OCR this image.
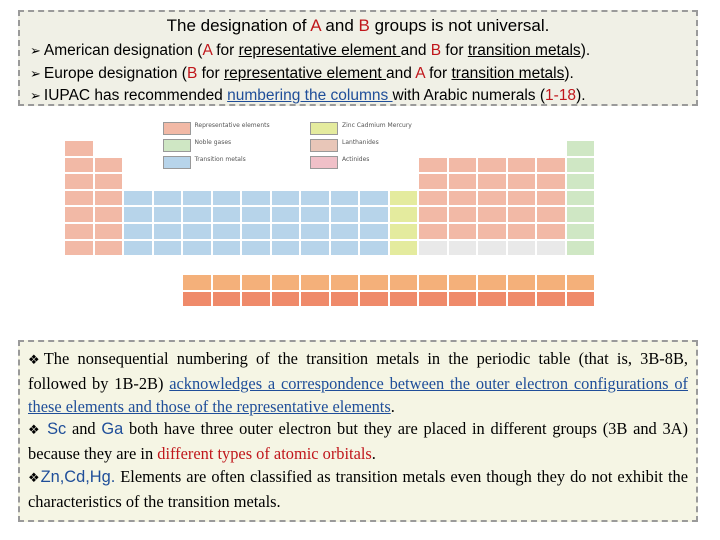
The designation of A and B groups is not universal.
➢ American designation (A for representative element and B for transition metals).
➢ Europe designation (B for representative element and A for transition metals).
➢ IUPAC has recommended numbering the columns with Arabic numerals (1-18).
Representative elements	Zinc Cadmium Mercury
Noble gases	Lanthanides
Transition metals	Actinides
❖The nonsequential numbering of the transition metals in the periodic table (that is, 3B-8B, followed by 1B-2B) acknowledges a correspondence between the outer electron configurations of these elements and those of the representative elements.
❖ Sc and Ga both have three outer electron but they are placed in different groups (3B and 3A) because they are in different types of atomic orbitals.
❖Zn,Cd,Hg. Elements are often classified as transition metals even though they do not exhibit the characteristics of the transition metals.
